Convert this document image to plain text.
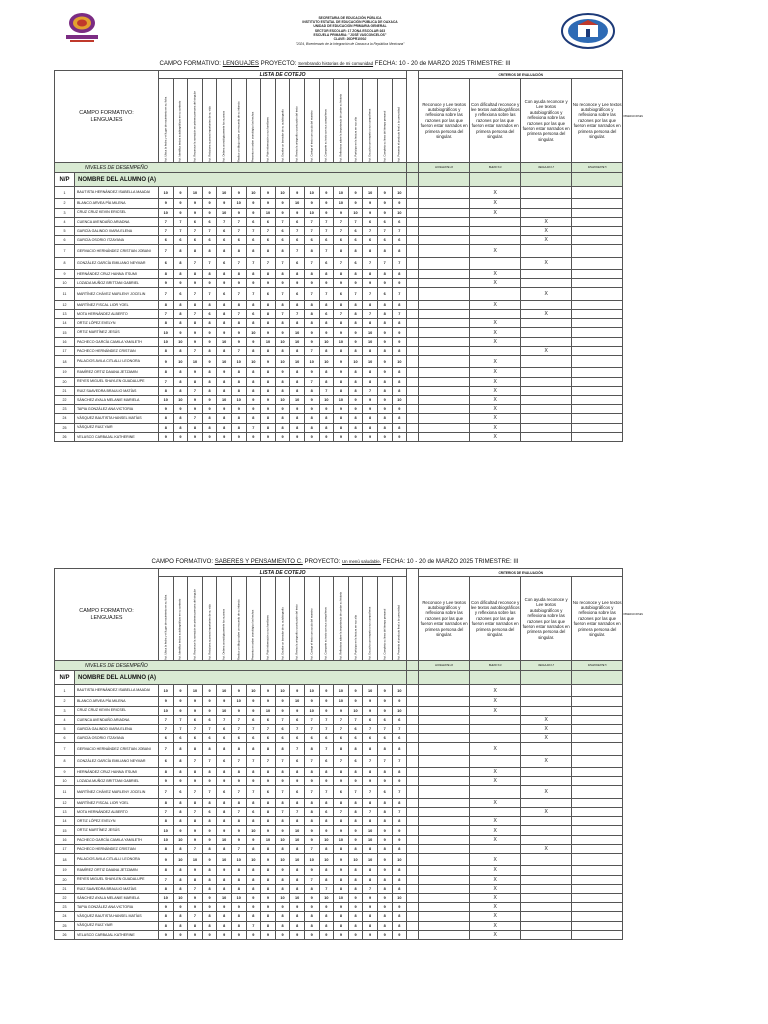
SECRETARIA DE EDUCACIÓN PÚBLICA
INSTITUTO ESTATAL DE EDUCACIÓN PÚBLICA DE OAXACA
UNIDAD DE EDUCACIÓN PRIMARIA GENERAL
SECTOR ESCOLAR: 17 ZONA ESCOLAR:163
ESCUELA PRIMARIA: "JOSÉ VASCONCELOS"
CLAVE: 20DPR1000J
"2024, Bicentenario de la Integración de Oaxaca a la República Mexicana"
CAMPO FORMATIVO: LENGUAJES PROYECTO: Sembrando historias de mi comunidad FECHA: 10 - 20 de MARZO 2025 TRIMESTRE: III
CAMPO FORMATIVO:
LENGUAJES		LISTA DE COTEJO																		CRITERIOS DE EVALUACIÓN				OBSERVACIONES

		Act. Ubica la fecha y el lugar de nacimiento en su ficha	Act. Identifica textos autobiográficos en su contexto	Act. Reconoce la narración en primera persona del singular	Act. Relaciona sucesos importantes de su vida	Act. Ordena cronológicamente los sucesos	Realiza un dibujo sobre un recuerdo de su infancia	Presenta en orden cronológico los hechos	Act. Pide información a sus familiares	Act. Escribe un borrador de su autobiografía	Act. Revisa la ortografía y puntuación del texto	Act. Corrige el texto con ayuda del maestro	Act. Comparte su texto con sus compañeros	Act. Reflexiona sobre la importancia de contar su historia	Act. Participa en la lectura en voz alta	Act. Escucha con respeto a sus compañeros	Act. Completa su línea del tiempo personal	Act. Presenta el producto final a la comunidad		Reconoce y Lee textos autobiográficos y reflexiona sobre las razones por las que fueron estar narrados en primera persona del singular.	Con dificultad reconoce y lee textos autobiográficos y reflexiona sobre las razones por las que fueron estar narrados en primera persona del singular.	Con ayuda reconoce y Lee textos autobiográficos y reflexiona sobre las razones por las que fueron estar narrados en primera persona del singular.	No reconoce y Lee textos autobiográficos y reflexiona sobre las razones por las que fueron estar narrados en primera persona del singular.	
NIVELES DE DESEMPEÑO																				EXCELENTE 10	BUENO 8-9	REGULAR 6-7	INSUFICIENTE 5	
N/P	NOMBRE DEL ALUMNO (A)																							
1	BAUTISTA HERNÁNDEZ ISABELLA MAADAI	10	9	10	9	10	9	10	9	10	9	10	9	10	9	10	9	10			X			
2	BLANCO ARVEA PÍA MILENA	9	9	9	9	9	10	9	9	9	10	9	9	10	9	9	9	9			X			
3	CRUZ CRUZ KEVIN ERICSEL	10	9	9	9	10	9	9	10	9	9	10	9	9	10	9	9	10			X			
4	CUENCA AVENDAÑO ARIADNA	7	7	6	6	7	7	6	6	7	6	7	7	7	7	6	6	6				X		
5	GARCÍA GALINDO XIARA ELENA	7	7	7	7	6	7	7	7	6	7	7	7	7	6	7	7	7				X		
6	GARCÍA OSORIO ITZAYANA	6	6	6	6	6	6	6	6	6	6	6	6	6	6	6	6	6				X		
7	GERVACIO HERNÁNDEZ CRISTIAN JOBANI	7	8	8	8	8	8	8	8	8	7	8	7	8	8	8	8	8			X			
8	GONZÁLEZ GARCÍA EMILIANO NEYMAR	6	8	7	7	6	7	7	7	7	6	7	6	7	6	7	7	7				X		
9	HERNÁNDEZ CRUZ HANNA ITSUMI	8	8	8	8	8	8	8	8	8	8	8	8	8	8	8	8	8			X			
10	LOZADA MUÑOZ BRITTANI GABRIEL	9	9	9	9	9	9	9	9	9	9	9	9	9	9	9	9	9			X			
11	MARTÍNEZ CHÁVEZ MARLENY JOCELIN	7	6	7	7	6	7	7	6	7	6	7	7	6	7	7	6	7				X		
12	MARTÍNEZ FISCAL LIOR YOEL	8	8	8	8	8	8	8	8	8	8	8	8	8	8	8	8	8			X			
13	MOTA HERNÁNDEZ ALBERTO	7	8	7	6	8	7	6	8	7	7	8	6	7	8	7	8	7				X		
14	ORTIZ LÓPEZ EVELYN	8	8	8	8	8	8	8	8	8	8	8	8	8	8	8	8	8			X			
15	ORTIZ MARTÍNEZ JESÚS	10	9	9	9	9	9	10	9	9	10	9	9	9	9	10	9	9			X			
16	PACHECO GARCÍA CAMILA YAMILETH	10	10	9	9	10	9	9	10	10	10	9	10	10	9	10	9	9			X			
17	PACHECO HERNÁNDEZ CRISTIAN	8	8	7	8	8	7	8	8	8	8	7	8	8	8	8	8	8				X		
18	PALACIOS AVILA CITLALLI LEONORA	9	10	10	9	10	10	10	9	10	10	10	10	9	10	10	9	10			X			
19	RAMÍREZ ORTIZ DAIANA JETZAMIN	8	8	9	8	9	8	8	8	9	8	9	8	9	8	8	9	8			X			
20	REYES MIGUEL SHAYLEN GUADALUPE	7	8	8	8	8	8	8	8	8	8	7	8	8	8	8	8	8			X			
21	RUIZ SAAVEDRA BRAULIO MATÍAS	8	8	7	8	8	8	8	8	8	8	8	7	8	8	7	8	8			X			
22	SÁNCHEZ AYALA MELANIE MARIELA	10	10	9	9	10	10	9	9	10	10	9	10	10	9	9	9	10			X			
23	TAPIA GONZÁLEZ ANA VICTORIA	9	9	9	9	9	9	9	9	9	9	9	9	9	9	9	9	9			X			
24	VÁSQUEZ BAUTISTA HANSEL MATÍAS	8	8	7	8	8	8	8	8	8	8	8	8	8	8	8	8	8			X			
25	VÁSQUEZ RUIZ YAIR	8	8	8	8	8	8	7	8	8	8	8	8	8	8	8	8	8			X			
26	VELASCO CARBAJAL KATHERINE	9	9	9	9	9	9	9	9	9	9	9	9	9	9	9	9	9			X			
CAMPO FORMATIVO: SABERES Y PENSAMIENTO C. PROYECTO: Un menú saludable. FECHA: 10 - 20 de MARZO 2025 TRIMESTRE: III
CAMPO FORMATIVO:
LENGUAJES		LISTA DE COTEJO																		CRITERIOS DE EVALUACIÓN				OBSERVACIONES

		Act. Ubica la fecha y el lugar de nacimiento en su ficha	Act. Identifica textos autobiográficos en su contexto	Act. Reconoce la narración en primera persona del singular	Act. Relaciona sucesos importantes de su vida	Act. Ordena cronológicamente los sucesos	Realiza un dibujo sobre un recuerdo de su infancia	Presenta en orden cronológico los hechos	Act. Pide información a sus familiares	Act. Escribe un borrador de su autobiografía	Act. Revisa la ortografía y puntuación del texto	Act. Corrige el texto con ayuda del maestro	Act. Comparte su texto con sus compañeros	Act. Reflexiona sobre la importancia de contar su historia	Act. Participa en la lectura en voz alta	Act. Escucha con respeto a sus compañeros	Act. Completa su línea del tiempo personal	Act. Presenta el producto final a la comunidad		Reconoce y Lee textos autobiográficos y reflexiona sobre las razones por las que fueron estar narrados en primera persona del singular.	Con dificultad reconoce y lee textos autobiográficos y reflexiona sobre las razones por las que fueron estar narrados en primera persona del singular.	Con ayuda reconoce y Lee textos autobiográficos y reflexiona sobre las razones por las que fueron estar narrados en primera persona del singular.	No reconoce y Lee textos autobiográficos y reflexiona sobre las razones por las que fueron estar narrados en primera persona del singular.	
NIVELES DE DESEMPEÑO																				EXCELENTE 10	BUENO 8-9	REGULAR 6-7	INSUFICIENTE 5	
N/P	NOMBRE DEL ALUMNO (A)																							
1	BAUTISTA HERNÁNDEZ ISABELLA MAADAI	10	9	10	9	10	9	10	9	10	9	10	9	10	9	10	9	10			X			
2	BLANCO ARVEA PÍA MILENA	9	9	9	9	9	10	9	9	9	10	9	9	10	9	9	9	9			X			
3	CRUZ CRUZ KEVIN ERICSEL	10	9	9	9	10	9	9	10	9	9	10	9	9	10	9	9	10			X			
4	CUENCA AVENDAÑO ARIADNA	7	7	6	6	7	7	6	6	7	6	7	7	7	7	6	6	6				X		
5	GARCÍA GALINDO XIARA ELENA	7	7	7	7	6	7	7	7	6	7	7	7	7	6	7	7	7				X		
6	GARCÍA OSORIO ITZAYANA	6	6	6	6	6	6	6	6	6	6	6	6	6	6	6	6	6				X		
7	GERVACIO HERNÁNDEZ CRISTIAN JOBANI	7	8	8	8	8	8	8	8	8	7	8	7	8	8	8	8	8			X			
8	GONZÁLEZ GARCÍA EMILIANO NEYMAR	6	8	7	7	6	7	7	7	7	6	7	6	7	6	7	7	7				X		
9	HERNÁNDEZ CRUZ HANNA ITSUMI	8	8	8	8	8	8	8	8	8	8	8	8	8	8	8	8	8			X			
10	LOZADA MUÑOZ BRITTANI GABRIEL	9	9	9	9	9	9	9	9	9	9	9	9	9	9	9	9	9			X			
11	MARTÍNEZ CHÁVEZ MARLENY JOCELIN	7	6	7	7	6	7	7	6	7	6	7	7	6	7	7	6	7				X		
12	MARTÍNEZ FISCAL LIOR YOEL	8	8	8	8	8	8	8	8	8	8	8	8	8	8	8	8	8			X			
13	MOTA HERNÁNDEZ ALBERTO	7	8	7	6	8	7	6	8	7	7	8	6	7	8	7	8	7				X		
14	ORTIZ LÓPEZ EVELYN	8	8	8	8	8	8	8	8	8	8	8	8	8	8	8	8	8			X			
15	ORTIZ MARTÍNEZ JESÚS	10	9	9	9	9	9	10	9	9	10	9	9	9	9	10	9	9			X			
16	PACHECO GARCÍA CAMILA YAMILETH	10	10	9	9	10	9	9	10	10	10	9	10	10	9	10	9	9			X			
17	PACHECO HERNÁNDEZ CRISTIAN	8	8	7	8	8	7	8	8	8	8	7	8	8	8	8	8	8				X		
18	PALACIOS AVILA CITLALLI LEONORA	9	10	10	9	10	10	10	9	10	10	10	10	9	10	10	9	10			X			
19	RAMÍREZ ORTIZ DAIANA JETZAMIN	8	8	9	8	9	8	8	8	9	8	9	8	9	8	8	9	8			X			
20	REYES MIGUEL SHAYLEN GUADALUPE	7	8	8	8	8	8	8	8	8	8	7	8	8	8	8	8	8			X			
21	RUIZ SAAVEDRA BRAULIO MATÍAS	8	8	7	8	8	8	8	8	8	8	8	7	8	8	7	8	8			X			
22	SÁNCHEZ AYALA MELANIE MARIELA	10	10	9	9	10	10	9	9	10	10	9	10	10	9	9	9	10			X			
23	TAPIA GONZÁLEZ ANA VICTORIA	9	9	9	9	9	9	9	9	9	9	9	9	9	9	9	9	9			X			
24	VÁSQUEZ BAUTISTA HANSEL MATÍAS	8	8	7	8	8	8	8	8	8	8	8	8	8	8	8	8	8			X			
25	VÁSQUEZ RUIZ YAIR	8	8	8	8	8	8	7	8	8	8	8	8	8	8	8	8	8			X			
26	VELASCO CARBAJAL KATHERINE	9	9	9	9	9	9	9	9	9	9	9	9	9	9	9	9	9			X			
